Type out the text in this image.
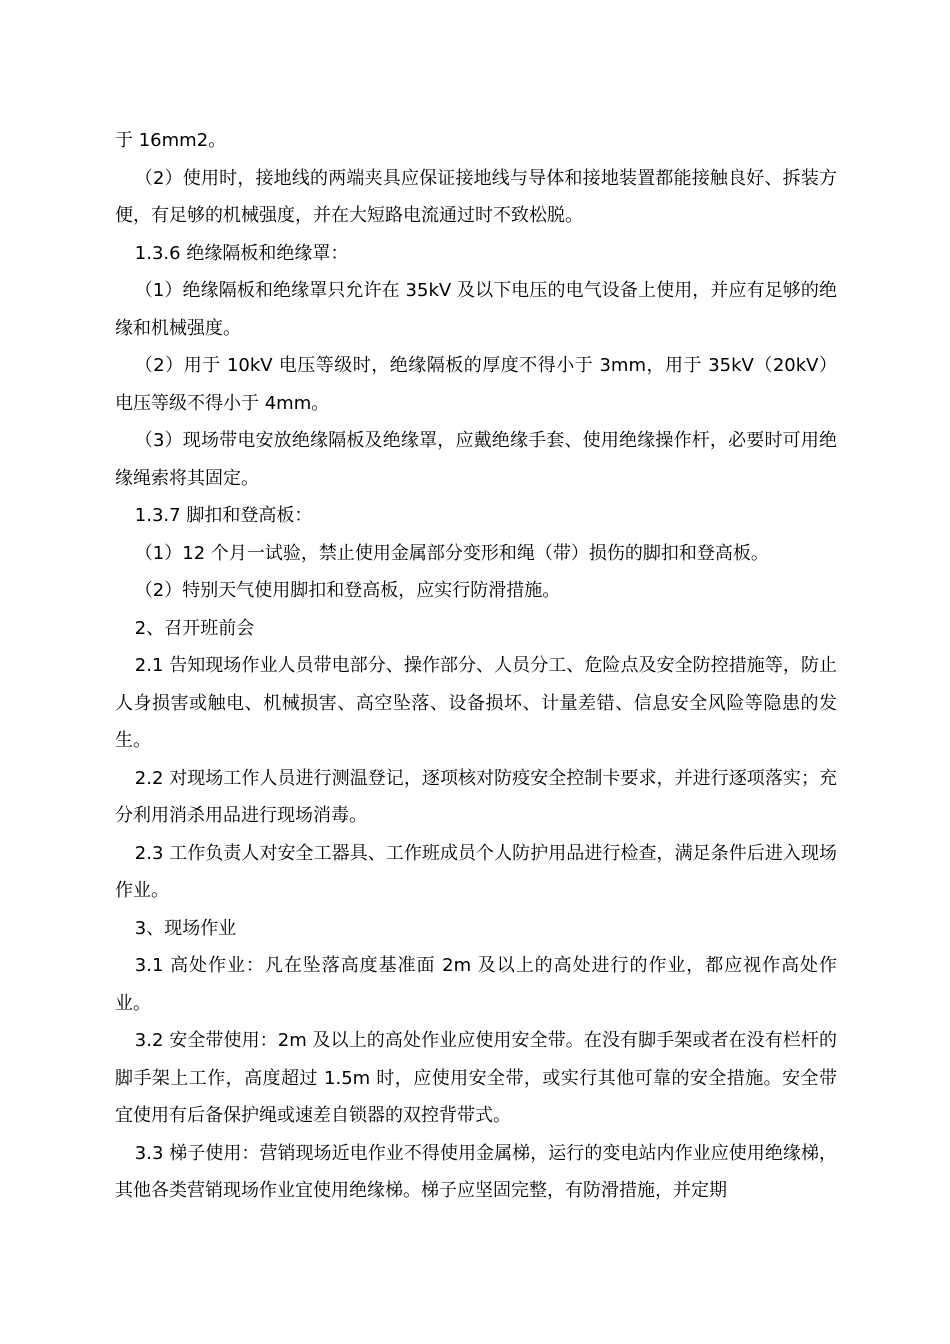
于 16mm2。

（2）使用时，接地线的两端夹具应保证接地线与导体和接地装置都能接触良好、拆装方便，有足够的机械强度，并在大短路电流通过时不致松脱。

1.3.6 绝缘隔板和绝缘罩：

（1）绝缘隔板和绝缘罩只允许在 35kV 及以下电压的电气设备上使用，并应有足够的绝缘和机械强度。

（2）用于 10kV 电压等级时，绝缘隔板的厚度不得小于 3mm，用于 35kV（20kV）电压等级不得小于 4mm。

（3）现场带电安放绝缘隔板及绝缘罩，应戴绝缘手套、使用绝缘操作杆，必要时可用绝缘绳索将其固定。

1.3.7 脚扣和登高板：

（1）12 个月一试验，禁止使用金属部分变形和绳（带）损伤的脚扣和登高板。

（2）特别天气使用脚扣和登高板，应实行防滑措施。

2、召开班前会

2.1 告知现场作业人员带电部分、操作部分、人员分工、危险点及安全防控措施等，防止人身损害或触电、机械损害、高空坠落、设备损坏、计量差错、信息安全风险等隐患的发生。

2.2 对现场工作人员进行测温登记，逐项核对防疫安全控制卡要求，并进行逐项落实；充分利用消杀用品进行现场消毒。

2.3 工作负责人对安全工器具、工作班成员个人防护用品进行检查，满足条件后进入现场作业。

3、现场作业

3.1 高处作业：凡在坠落高度基准面 2m 及以上的高处进行的作业，都应视作高处作业。

3.2 安全带使用：2m 及以上的高处作业应使用安全带。在没有脚手架或者在没有栏杆的脚手架上工作，高度超过 1.5m 时，应使用安全带，或实行其他可靠的安全措施。安全带宜使用有后备保护绳或速差自锁器的双控背带式。

3.3 梯子使用：营销现场近电作业不得使用金属梯，运行的变电站内作业应使用绝缘梯，其他各类营销现场作业宜使用绝缘梯。梯子应坚固完整，有防滑措施，并定期
